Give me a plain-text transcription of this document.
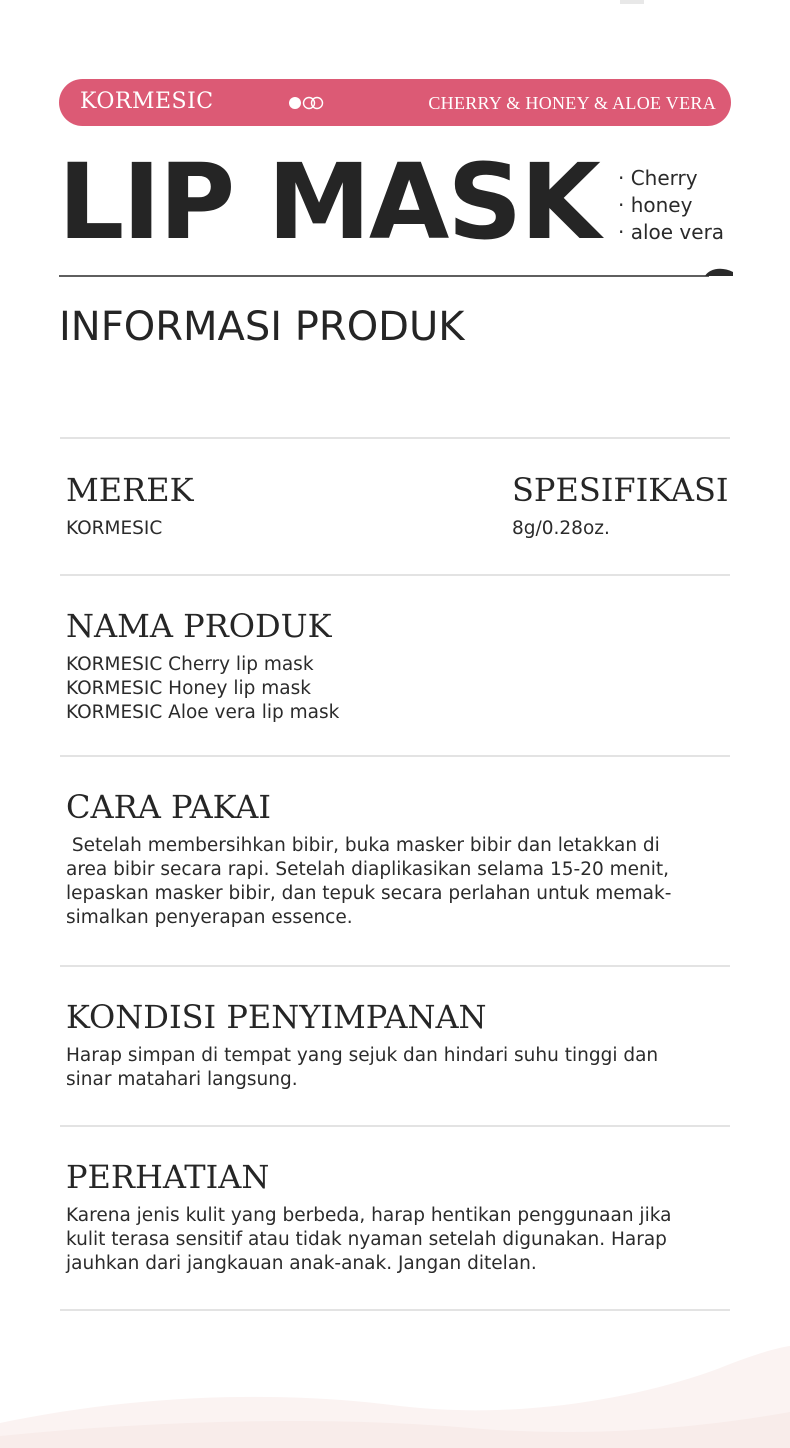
KORMESIC	CHERRY & HONEY & ALOE VERA
LIP MASK · Cherry
· honey
· aloe vera
INFORMASI PRODUK
MEREK
KORMESIC
SPESIFIKASI
8g/0.28oz.
NAMA PRODUK
KORMESIC Cherry lip mask
KORMESIC Honey lip mask
KORMESIC Aloe vera lip mask
CARA PAKAI
Setelah membersihkan bibir, buka masker bibir dan letakkan di
area bibir secara rapi. Setelah diaplikasikan selama 15-20 menit,
lepaskan masker bibir, dan tepuk secara perlahan untuk memak-
simalkan penyerapan essence.
KONDISI PENYIMPANAN
Harap simpan di tempat yang sejuk dan hindari suhu tinggi dan
sinar matahari langsung.
PERHATIAN
Karena jenis kulit yang berbeda, harap hentikan penggunaan jika
kulit terasa sensitif atau tidak nyaman setelah digunakan. Harap
jauhkan dari jangkauan anak-anak. Jangan ditelan.
